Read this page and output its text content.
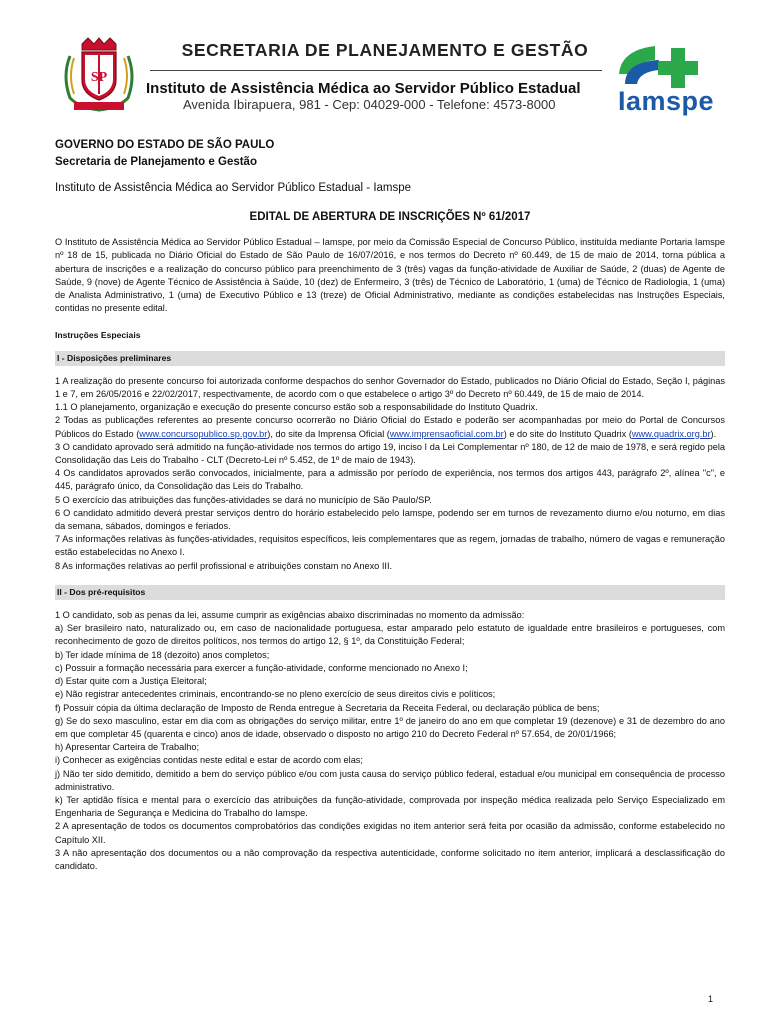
SP
SECRETARIA DE PLANEJAMENTO E GESTÃO
Instituto de Assistência Médica ao Servidor Público Estadual
Avenida Ibirapuera, 981 - Cep: 04029-000 - Telefone: 4573-8000 Iamspe
GOVERNO DO ESTADO DE SÃO PAULO
Secretaria de Planejamento e Gestão
Instituto de Assistência Médica ao Servidor Público Estadual - Iamspe
EDITAL DE ABERTURA DE INSCRIÇÕES Nº 61/2017

O Instituto de Assistência Médica ao Servidor Público Estadual – Iamspe, por meio da Comissão Especial de Concurso Público, instituída mediante Portaria Iamspe nº 18 de 15, publicada no Diário Oficial do Estado de São Paulo de 16/07/2016, e nos termos do Decreto nº 60.449, de 15 de maio de 2014, torna pública a abertura de inscrições e a realização do concurso público para preenchimento de 3 (três) vagas da função-atividade de Auxiliar de Saúde, 2 (duas) de Agente de Saúde, 9 (nove) de Agente Técnico de Assistência à Saúde, 10 (dez) de Enfermeiro, 3 (três) de Técnico de Laboratório, 1 (uma) de Técnico de Radiologia, 1 (uma) de Analista Administrativo, 1 (uma) de Executivo Público e 13 (treze) de Oficial Administrativo, mediante as condições estabelecidas nas Instruções Especiais, contidas no presente edital.

Instruções Especiais
I - Disposições preliminares

1 A realização do presente concurso foi autorizada conforme despachos do senhor Governador do Estado, publicados no Diário Oficial do Estado, Seção I, páginas 1 e 7, em 26/05/2016 e 22/02/2017, respectivamente, de acordo com o que estabelece o artigo 3º do Decreto nº 60.449, de 15 de maio de 2014.

1.1 O planejamento, organização e execução do presente concurso estão sob a responsabilidade do Instituto Quadrix.

2 Todas as publicações referentes ao presente concurso ocorrerão no Diário Oficial do Estado e poderão ser acompanhadas por meio do Portal de Concursos Públicos do Estado (www.concursopublico.sp.gov.br), do site da Imprensa Oficial (www.imprensaoficial.com.br) e do site do Instituto Quadrix (www.quadrix.org.br).

3 O candidato aprovado será admitido na função-atividade nos termos do artigo 19, inciso I da Lei Complementar nº 180, de 12 de maio de 1978, e será regido pela Consolidação das Leis do Trabalho - CLT (Decreto-Lei nº 5.452, de 1º de maio de 1943).

4 Os candidatos aprovados serão convocados, inicialmente, para a admissão por período de experiência, nos termos dos artigos 443, parágrafo 2º, alínea "c", e 445, parágrafo único, da Consolidação das Leis do Trabalho.

5 O exercício das atribuições das funções-atividades se dará no município de São Paulo/SP.

6 O candidato admitido deverá prestar serviços dentro do horário estabelecido pelo Iamspe, podendo ser em turnos de revezamento diurno e/ou noturno, em dias da semana, sábados, domingos e feriados.

7 As informações relativas às funções-atividades, requisitos específicos, leis complementares que as regem, jornadas de trabalho, número de vagas e remuneração estão estabelecidas no Anexo I.

8 As informações relativas ao perfil profissional e atribuições constam no Anexo III.

II - Dos pré-requisitos

1 O candidato, sob as penas da lei, assume cumprir as exigências abaixo discriminadas no momento da admissão:

a) Ser brasileiro nato, naturalizado ou, em caso de nacionalidade portuguesa, estar amparado pelo estatuto de igualdade entre brasileiros e portugueses, com reconhecimento de gozo de direitos políticos, nos termos do artigo 12, § 1º, da Constituição Federal;

b) Ter idade mínima de 18 (dezoito) anos completos;

c) Possuir a formação necessária para exercer a função-atividade, conforme mencionado no Anexo I;

d) Estar quite com a Justiça Eleitoral;

e) Não registrar antecedentes criminais, encontrando-se no pleno exercício de seus direitos civis e políticos;

f) Possuir cópia da última declaração de Imposto de Renda entregue à Secretaria da Receita Federal, ou declaração pública de bens;

g) Se do sexo masculino, estar em dia com as obrigações do serviço militar, entre 1º de janeiro do ano em que completar 19 (dezenove) e 31 de dezembro do ano em que completar 45 (quarenta e cinco) anos de idade, observado o disposto no artigo 210 do Decreto Federal nº 57.654, de 20/01/1966;

h) Apresentar Carteira de Trabalho;

i) Conhecer as exigências contidas neste edital e estar de acordo com elas;

j) Não ter sido demitido, demitido a bem do serviço público e/ou com justa causa do serviço público federal, estadual e/ou municipal em consequência de processo administrativo.

k) Ter aptidão física e mental para o exercício das atribuições da função-atividade, comprovada por inspeção médica realizada pelo Serviço Especializado em Engenharia de Segurança e Medicina do Trabalho do Iamspe.

2 A apresentação de todos os documentos comprobatórios das condições exigidas no item anterior será feita por ocasião da admissão, conforme estabelecido no Capítulo XII.

3 A não apresentação dos documentos ou a não comprovação da respectiva autenticidade, conforme solicitado no item anterior, implicará a desclassificação do candidato.

1
